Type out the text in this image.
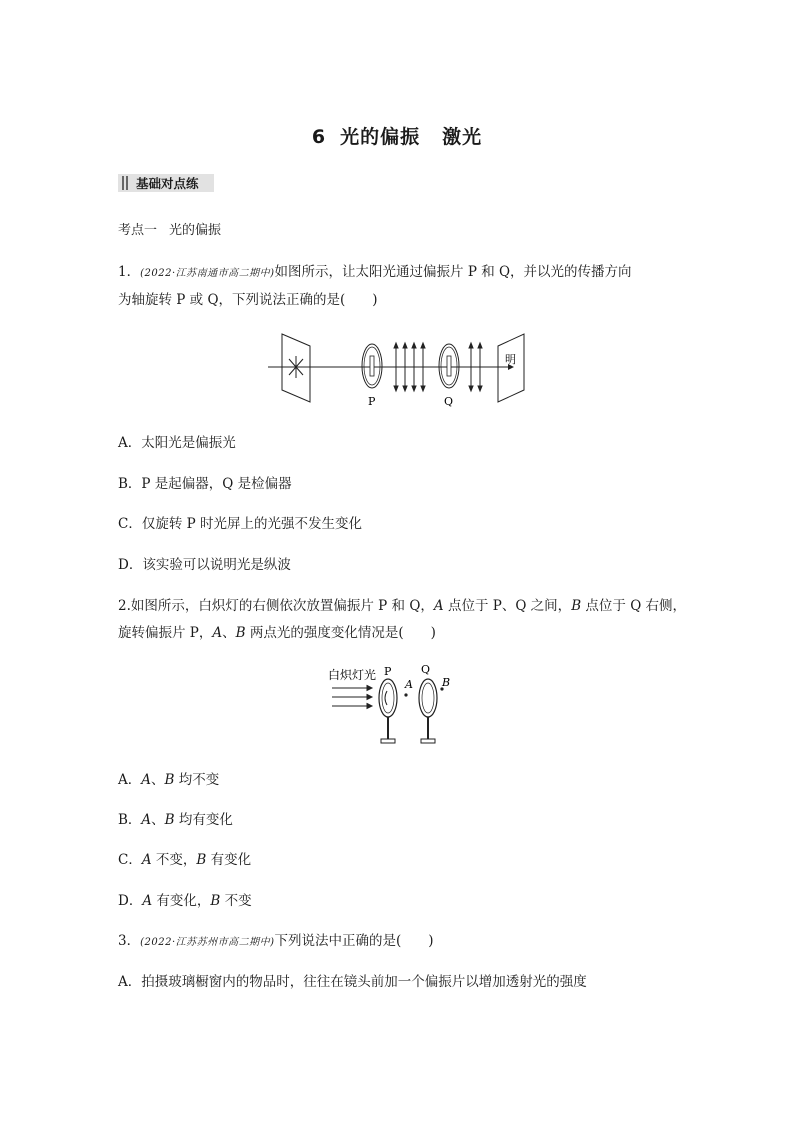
6 光的偏振 激光
基础对点练
考点一 光的偏振
1．(2022·江苏南通市高二期中)如图所示，让太阳光通过偏振片 P 和 Q，并以光的传播方向
为轴旋转 P 或 Q，下列说法正确的是(　　)
明
P	Q
A．太阳光是偏振光
B．P 是起偏器，Q 是检偏器
C．仅旋转 P 时光屏上的光强不发生变化
D．该实验可以说明光是纵波
2.如图所示，白炽灯的右侧依次放置偏振片 P 和 Q，A 点位于 P、Q 之间，B 点位于 Q 右侧，
旋转偏振片 P，A、B 两点光的强度变化情况是(　　)
白炽灯光 P	Q
A	B
A．A、B 均不变
B．A、B 均有变化
C．A 不变，B 有变化
D．A 有变化，B 不变
3．(2022·江苏苏州市高二期中)下列说法中正确的是(　　)
A．拍摄玻璃橱窗内的物品时，往往在镜头前加一个偏振片以增加透射光的强度
